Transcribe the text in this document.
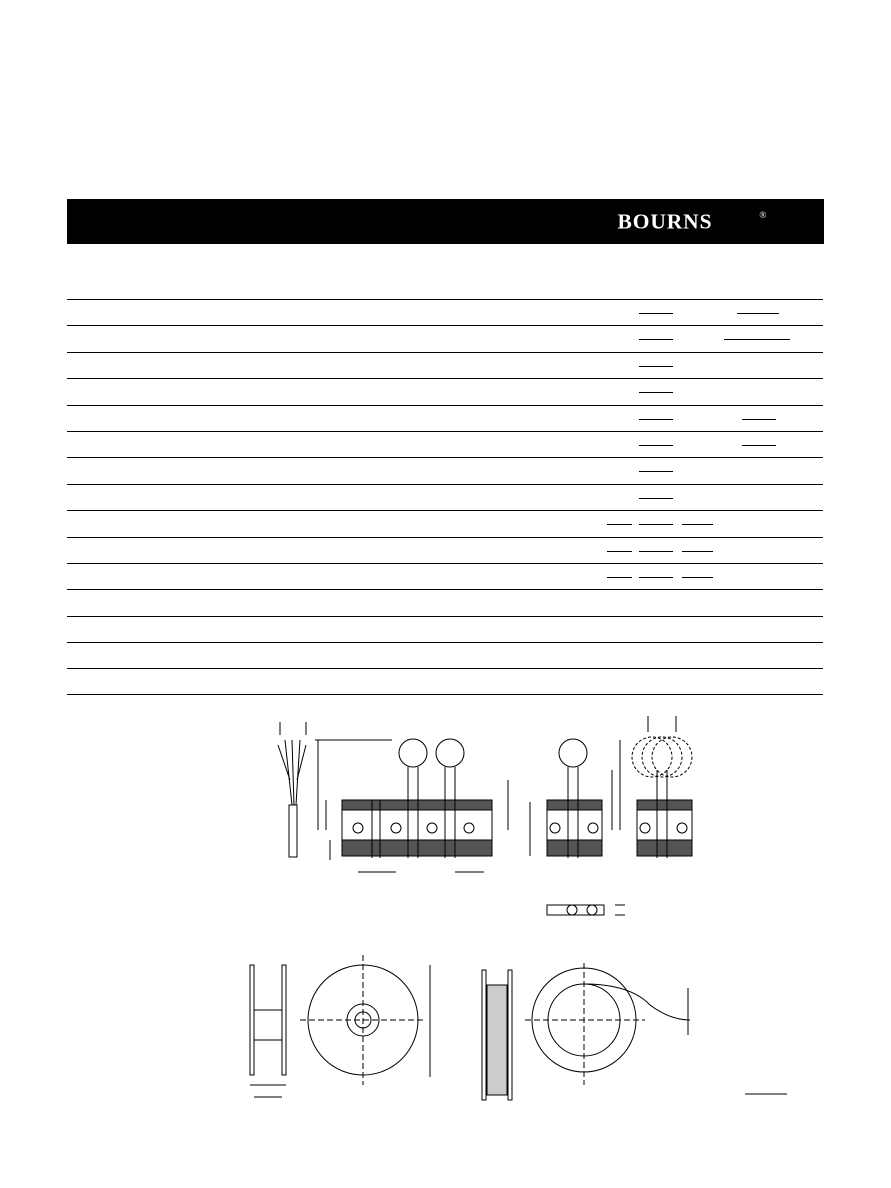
BOURNS	®
